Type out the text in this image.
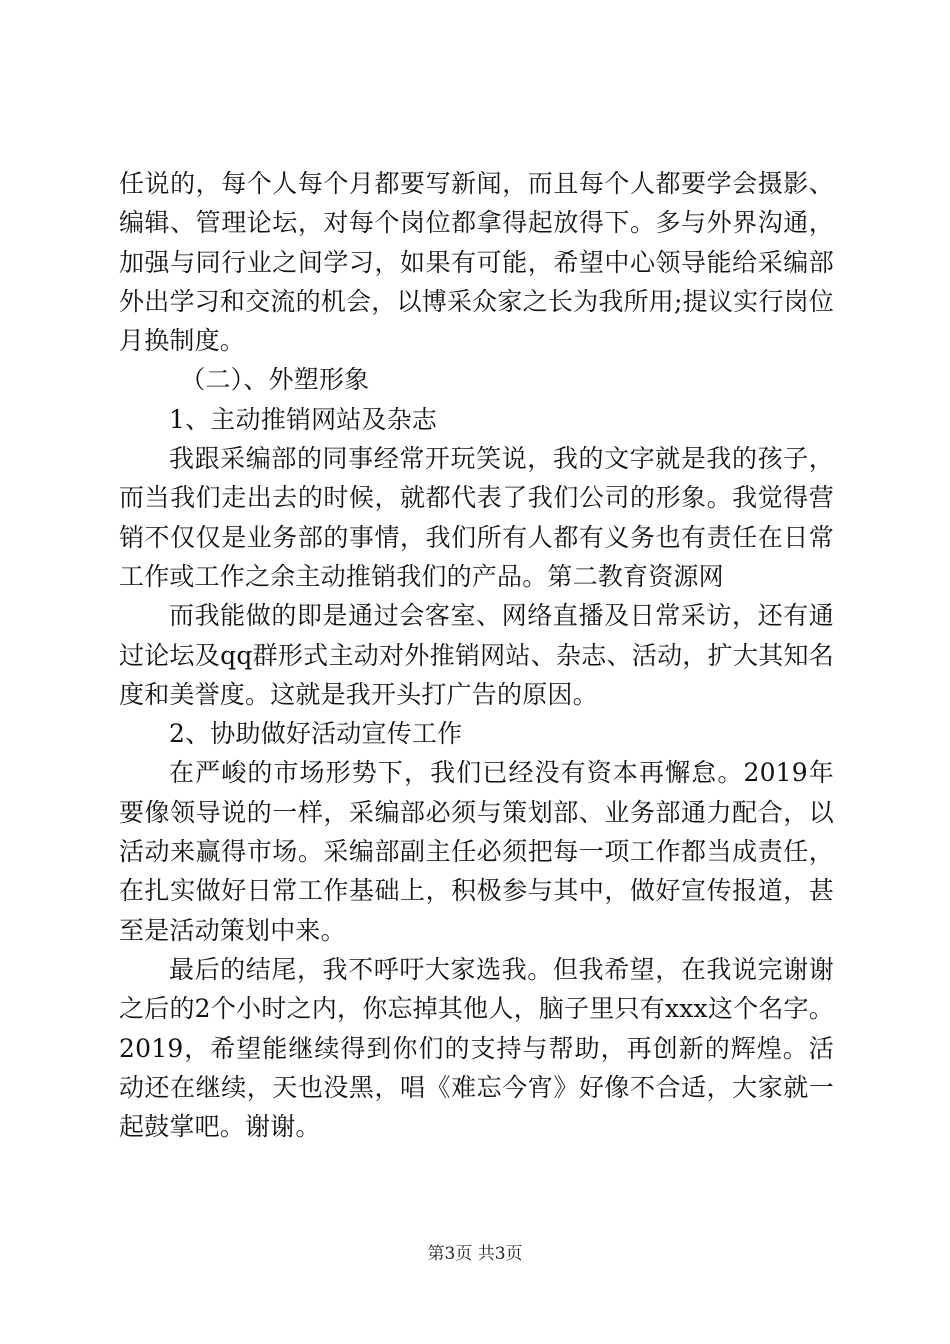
任说的，每个人每个月都要写新闻，而且每个人都要学会摄影、编辑、管理论坛，对每个岗位都拿得起放得下。多与外界沟通，加强与同行业之间学习，如果有可能，希望中心领导能给采编部外出学习和交流的机会，以博采众家之长为我所用;提议实行岗位月换制度。

（二）、外塑形象

1、主动推销网站及杂志

我跟采编部的同事经常开玩笑说，我的文字就是我的孩子，而当我们走出去的时候，就都代表了我们公司的形象。我觉得营销不仅仅是业务部的事情，我们所有人都有义务也有责任在日常工作或工作之余主动推销我们的产品。第二教育资源网

而我能做的即是通过会客室、网络直播及日常采访，还有通过论坛及qq群形式主动对外推销网站、杂志、活动，扩大其知名度和美誉度。这就是我开头打广告的原因。

2、协助做好活动宣传工作

在严峻的市场形势下，我们已经没有资本再懈怠。2019年要像领导说的一样，采编部必须与策划部、业务部通力配合，以活动来赢得市场。采编部副主任必须把每一项工作都当成责任，在扎实做好日常工作基础上，积极参与其中，做好宣传报道，甚至是活动策划中来。

最后的结尾，我不呼吁大家选我。但我希望，在我说完谢谢之后的2个小时之内，你忘掉其他人，脑子里只有xxx这个名字。2019，希望能继续得到你们的支持与帮助，再创新的辉煌。活动还在继续，天也没黑，唱《难忘今宵》好像不合适，大家就一起鼓掌吧。谢谢。

第3页 共3页
